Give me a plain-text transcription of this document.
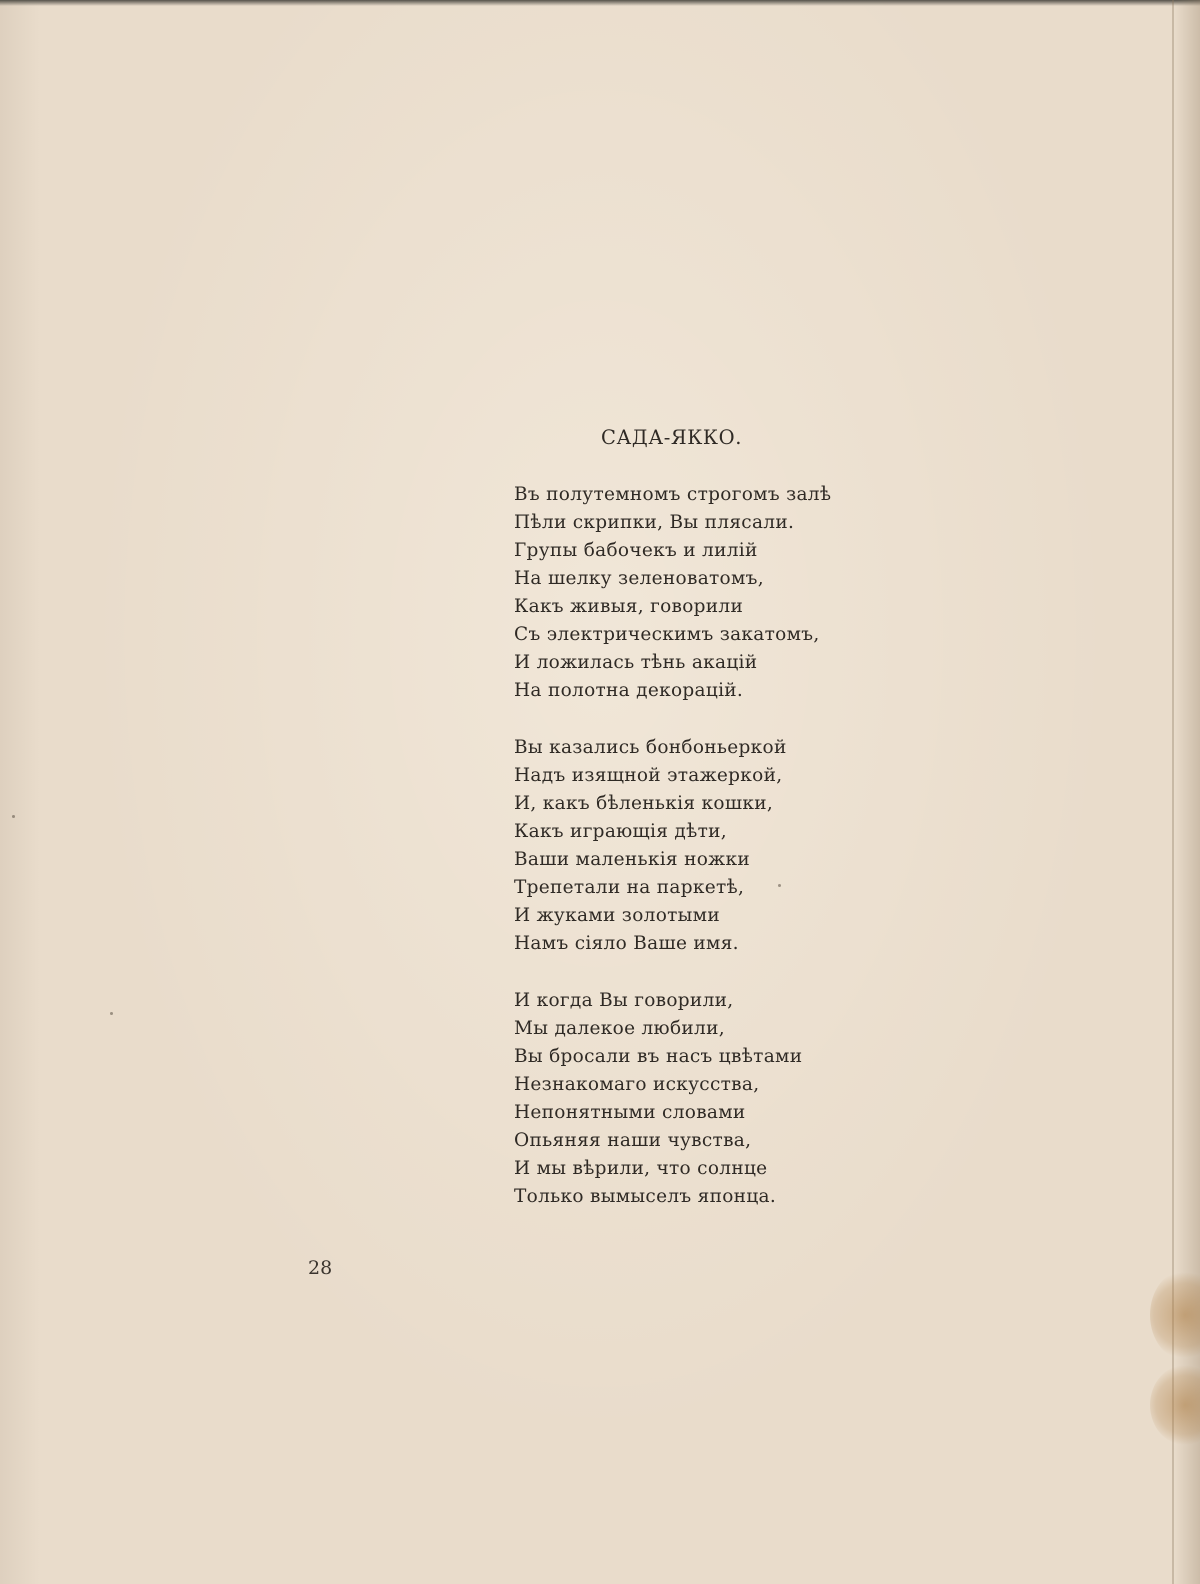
САДА-ЯККО.
Въ полутемномъ строгомъ залѣ
Пѣли скрипки, Вы плясали.
Групы бабочекъ и лилій
На шелку зеленоватомъ,
Какъ живыя, говорили
Съ электрическимъ закатомъ,
И ложилась тѣнь акацій
На полотна декорацій.
Вы казались бонбоньеркой
Надъ изящной этажеркой,
И, какъ бѣленькія кошки,
Какъ играющія дѣти,
Ваши маленькія ножки
Трепетали на паркетѣ,
И жуками золотыми
Намъ сіяло Ваше имя.
И когда Вы говорили,
Мы далекое любили,
Вы бросали въ насъ цвѣтами
Незнакомаго искусства,
Непонятными словами
Опьяняя наши чувства,
И мы вѣрили, что солнце
Только вымыселъ японца.
28
